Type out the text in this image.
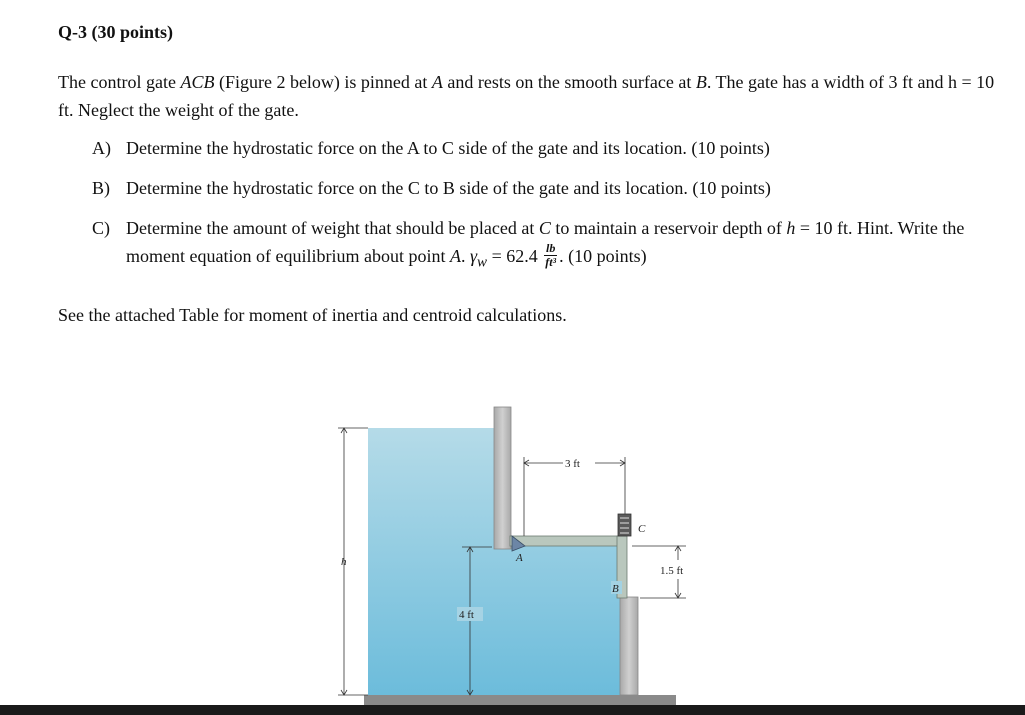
Q-3 (30 points)

The control gate ACB (Figure 2 below) is pinned at A and rests on the smooth surface at B. The gate has a width of 3 ft and h = 10 ft. Neglect the weight of the gate.

A) Determine the hydrostatic force on the A to C side of the gate and its location. (10 points)
B) Determine the hydrostatic force on the C to B side of the gate and its location. (10 points)
C) Determine the amount of weight that should be placed at C to maintain a reservoir depth of h = 10 ft. Hint. Write the moment equation of equilibrium about point A. $\gamma_w = 62.4 \frac{lb}{\text{ft³}}$ . (10 points)
See the attached Table for moment of inertia and centroid calculations.
h
4 ft
3 ft
1.5 ft
A
B
C
